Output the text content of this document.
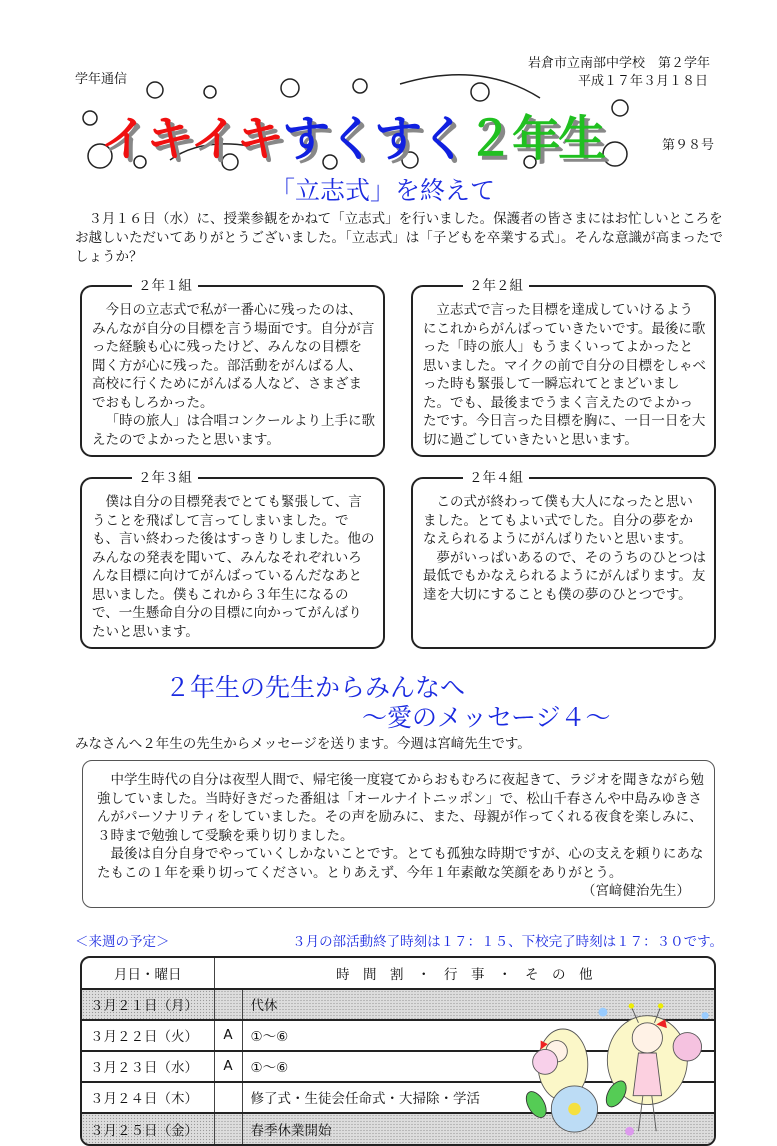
学年通信
岩倉市立南部中学校　第２学年
平成１７年３月１８日
イキイキすくすく２年生	第９８号
「立志式」を終えて

３月１６日（水）に、授業参観をかねて「立志式」を行いました。保護者の皆さまにはお忙しいところをお越しいただいてありがとうございました。「立志式」は「子どもを卒業する式」。そんな意識が高まったでしょうか？

２年１組

今日の立志式で私が一番心に残ったのは、みんなが自分の目標を言う場面です。自分が言った経験も心に残ったけど、みんなの目標を聞く方が心に残った。部活動をがんばる人、高校に行くためにがんばる人など、さまざまでおもしろかった。

「時の旅人」は合唱コンクールより上手に歌えたのでよかったと思います。

２年２組

立志式で言った目標を達成していけるようにこれからがんばっていきたいです。最後に歌った「時の旅人」もうまくいってよかったと思いました。マイクの前で自分の目標をしゃべった時も緊張して一瞬忘れてとまどいました。でも、最後までうまく言えたのでよかったです。今日言った目標を胸に、一日一日を大切に過ごしていきたいと思います。

２年３組

僕は自分の目標発表でとても緊張して、言うことを飛ばして言ってしまいました。でも、言い終わった後はすっきりしました。他のみんなの発表を聞いて、みんなそれぞれいろんな目標に向けてがんばっているんだなあと思いました。僕もこれから３年生になるので、一生懸命自分の目標に向かってがんばりたいと思います。

２年４組

この式が終わって僕も大人になったと思いました。とてもよい式でした。自分の夢をかなえられるようにがんばりたいと思います。

夢がいっぱいあるので、そのうちのひとつは最低でもかなえられるようにがんばります。友達を大切にすることも僕の夢のひとつです。

２年生の先生からみんなへ
～愛のメッセージ４～
みなさんへ２年生の先生からメッセージを送ります。今週は宮﨑先生です。

中学生時代の自分は夜型人間で、帰宅後一度寝てからおもむろに夜起きて、ラジオを聞きながら勉強していました。当時好きだった番組は「オールナイトニッポン」で、松山千春さんや中島みゆきさんがパーソナリティをしていました。その声を励みに、また、母親が作ってくれる夜食を楽しみに、３時まで勉強して受験を乗り切りました。

最後は自分自身でやっていくしかないことです。とても孤独な時期ですが、心の支えを頼りにあなたもこの１年を乗り切ってください。とりあえず、今年１年素敵な笑顔をありがとう。

（宮﨑健治先生）
＜来週の予定＞	３月の部活動終了時刻は１７：１５、下校完了時刻は１７：３０です。
月日・曜日	時　間　割　・　行　事　・　そ　の　他	
３月２１日（月）		代休
３月２２日（火）	A	①～⑥
３月２３日（水）	A	①～⑥
３月２４日（木）		修了式・生徒会任命式・大掃除・学活
３月２５日（金）		春季休業開始
